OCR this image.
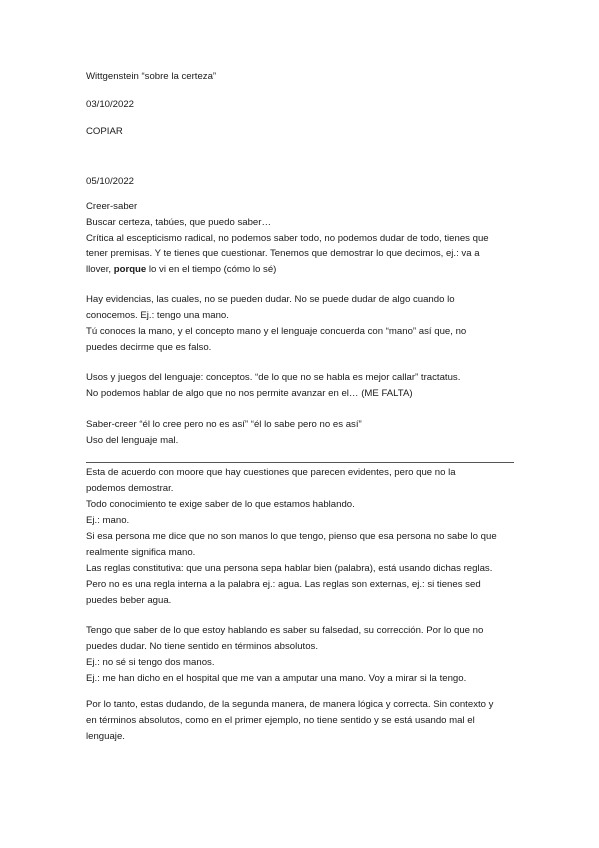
Wittgenstein “sobre la certeza”
03/10/2022
COPIAR
05/10/2022
Creer-saber
Buscar certeza, tabúes, que puedo saber…
Crítica al escepticismo radical, no podemos saber todo, no podemos dudar de todo, tienes que
tener premisas. Y te tienes que cuestionar. Tenemos que demostrar lo que decimos, ej.: va a
llover, porque lo vi en el tiempo (cómo lo sé)
Hay evidencias, las cuales, no se pueden dudar. No se puede dudar de algo cuando lo
conocemos. Ej.: tengo una mano.
Tú conoces la mano, y el concepto mano y el lenguaje concuerda con “mano” así que, no
puedes decirme que es falso.
Usos y juegos del lenguaje: conceptos. “de lo que no se habla es mejor callar” tractatus.
No podemos hablar de algo que no nos permite avanzar en el… (ME FALTA)
Saber-creer “él lo cree pero no es así” “él lo sabe pero no es así”
Uso del lenguaje mal.
Esta de acuerdo con moore que hay cuestiones que parecen evidentes, pero que no la
podemos demostrar.
Todo conocimiento te exige saber de lo que estamos hablando.
Ej.: mano.
Si esa persona me dice que no son manos lo que tengo, pienso que esa persona no sabe lo que
realmente significa mano.
Las reglas constitutiva: que una persona sepa hablar bien (palabra), está usando dichas reglas.
Pero no es una regla interna a la palabra ej.: agua. Las reglas son externas, ej.: si tienes sed
puedes beber agua.
Tengo que saber de lo que estoy hablando es saber su falsedad, su corrección. Por lo que no
puedes dudar. No tiene sentido en términos absolutos.
Ej.: no sé si tengo dos manos.
Ej.: me han dicho en el hospital que me van a amputar una mano. Voy a mirar si la tengo.
Por lo tanto, estas dudando, de la segunda manera, de manera lógica y correcta. Sin contexto y
en términos absolutos, como en el primer ejemplo, no tiene sentido y se está usando mal el
lenguaje.
